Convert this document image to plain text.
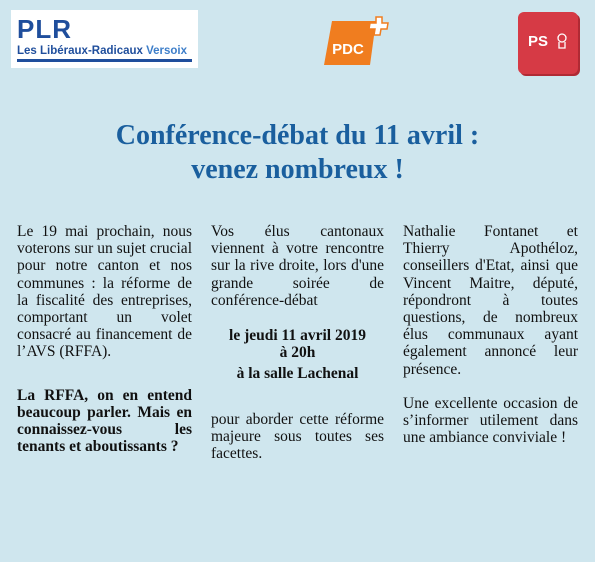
PLR
Les Libéraux-Radicaux Versoix	PDC	PS
Conférence-débat du 11 avril :
venez nombreux !

Le 19 mai prochain, nous voterons sur un sujet crucial pour notre canton et nos communes : la réforme de la fiscalité des entreprises, comportant un volet consacré au financement de l’AVS (RFFA).

La RFFA, on en entend beaucoup parler. Mais en connaissez-vous les tenants et aboutissants ?

Vos élus cantonaux viennent à votre rencontre sur la rive droite, lors d'une grande soirée de conférence-débat

le jeudi 11 avril 2019

à 20h

à la salle Lachenal

pour aborder cette réforme majeure sous toutes ses facettes.

Nathalie Fontanet et Thierry Apothéloz, conseillers d'Etat, ainsi que Vincent Maitre, député, répondront à toutes questions, de nombreux élus communaux ayant également annoncé leur présence.

Une excellente occasion de s’informer utilement dans une ambiance conviviale !
